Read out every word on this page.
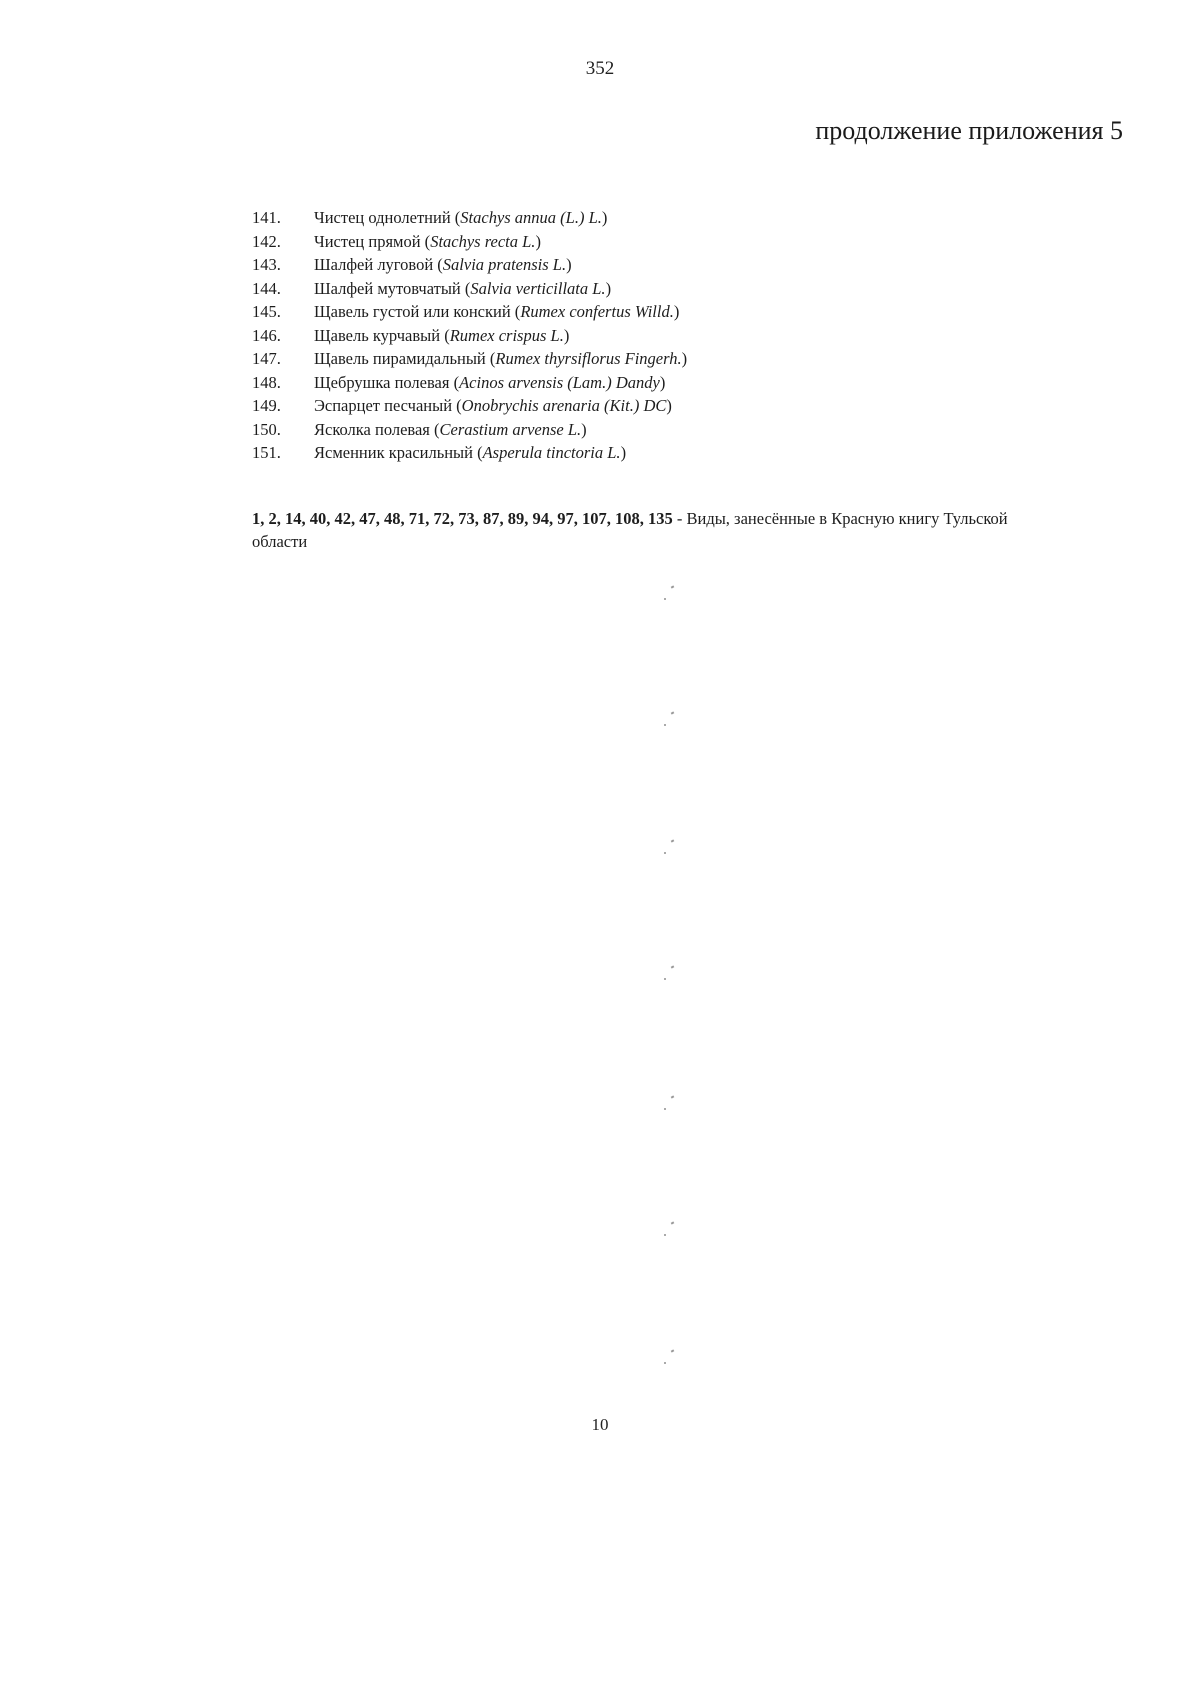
352
продолжение приложения 5
141. Чистец однолетний (Stachys annua (L.) L.)
142. Чистец прямой (Stachys recta L.)
143. Шалфей луговой (Salvia pratensis L.)
144. Шалфей мутовчатый (Salvia verticillata L.)
145. Щавель густой или конский (Rumex confertus Willd.)
146. Щавель курчавый (Rumex crispus L.)
147. Щавель пирамидальный (Rumex thyrsiflorus Fingerh.)
148. Щебрушка полевая (Acinos arvensis (Lam.) Dandy)
149. Эспарцет песчаный (Onobrychis arenaria (Kit.) DC)
150. Ясколка полевая (Cerastium arvense L.)
151. Ясменник красильный (Asperula tinctoria L.)

1, 2, 14, 40, 42, 47, 48, 71, 72, 73, 87, 89, 94, 97, 107, 108, 135 - Виды, занесённые в Красную книгу Тульской области

10
